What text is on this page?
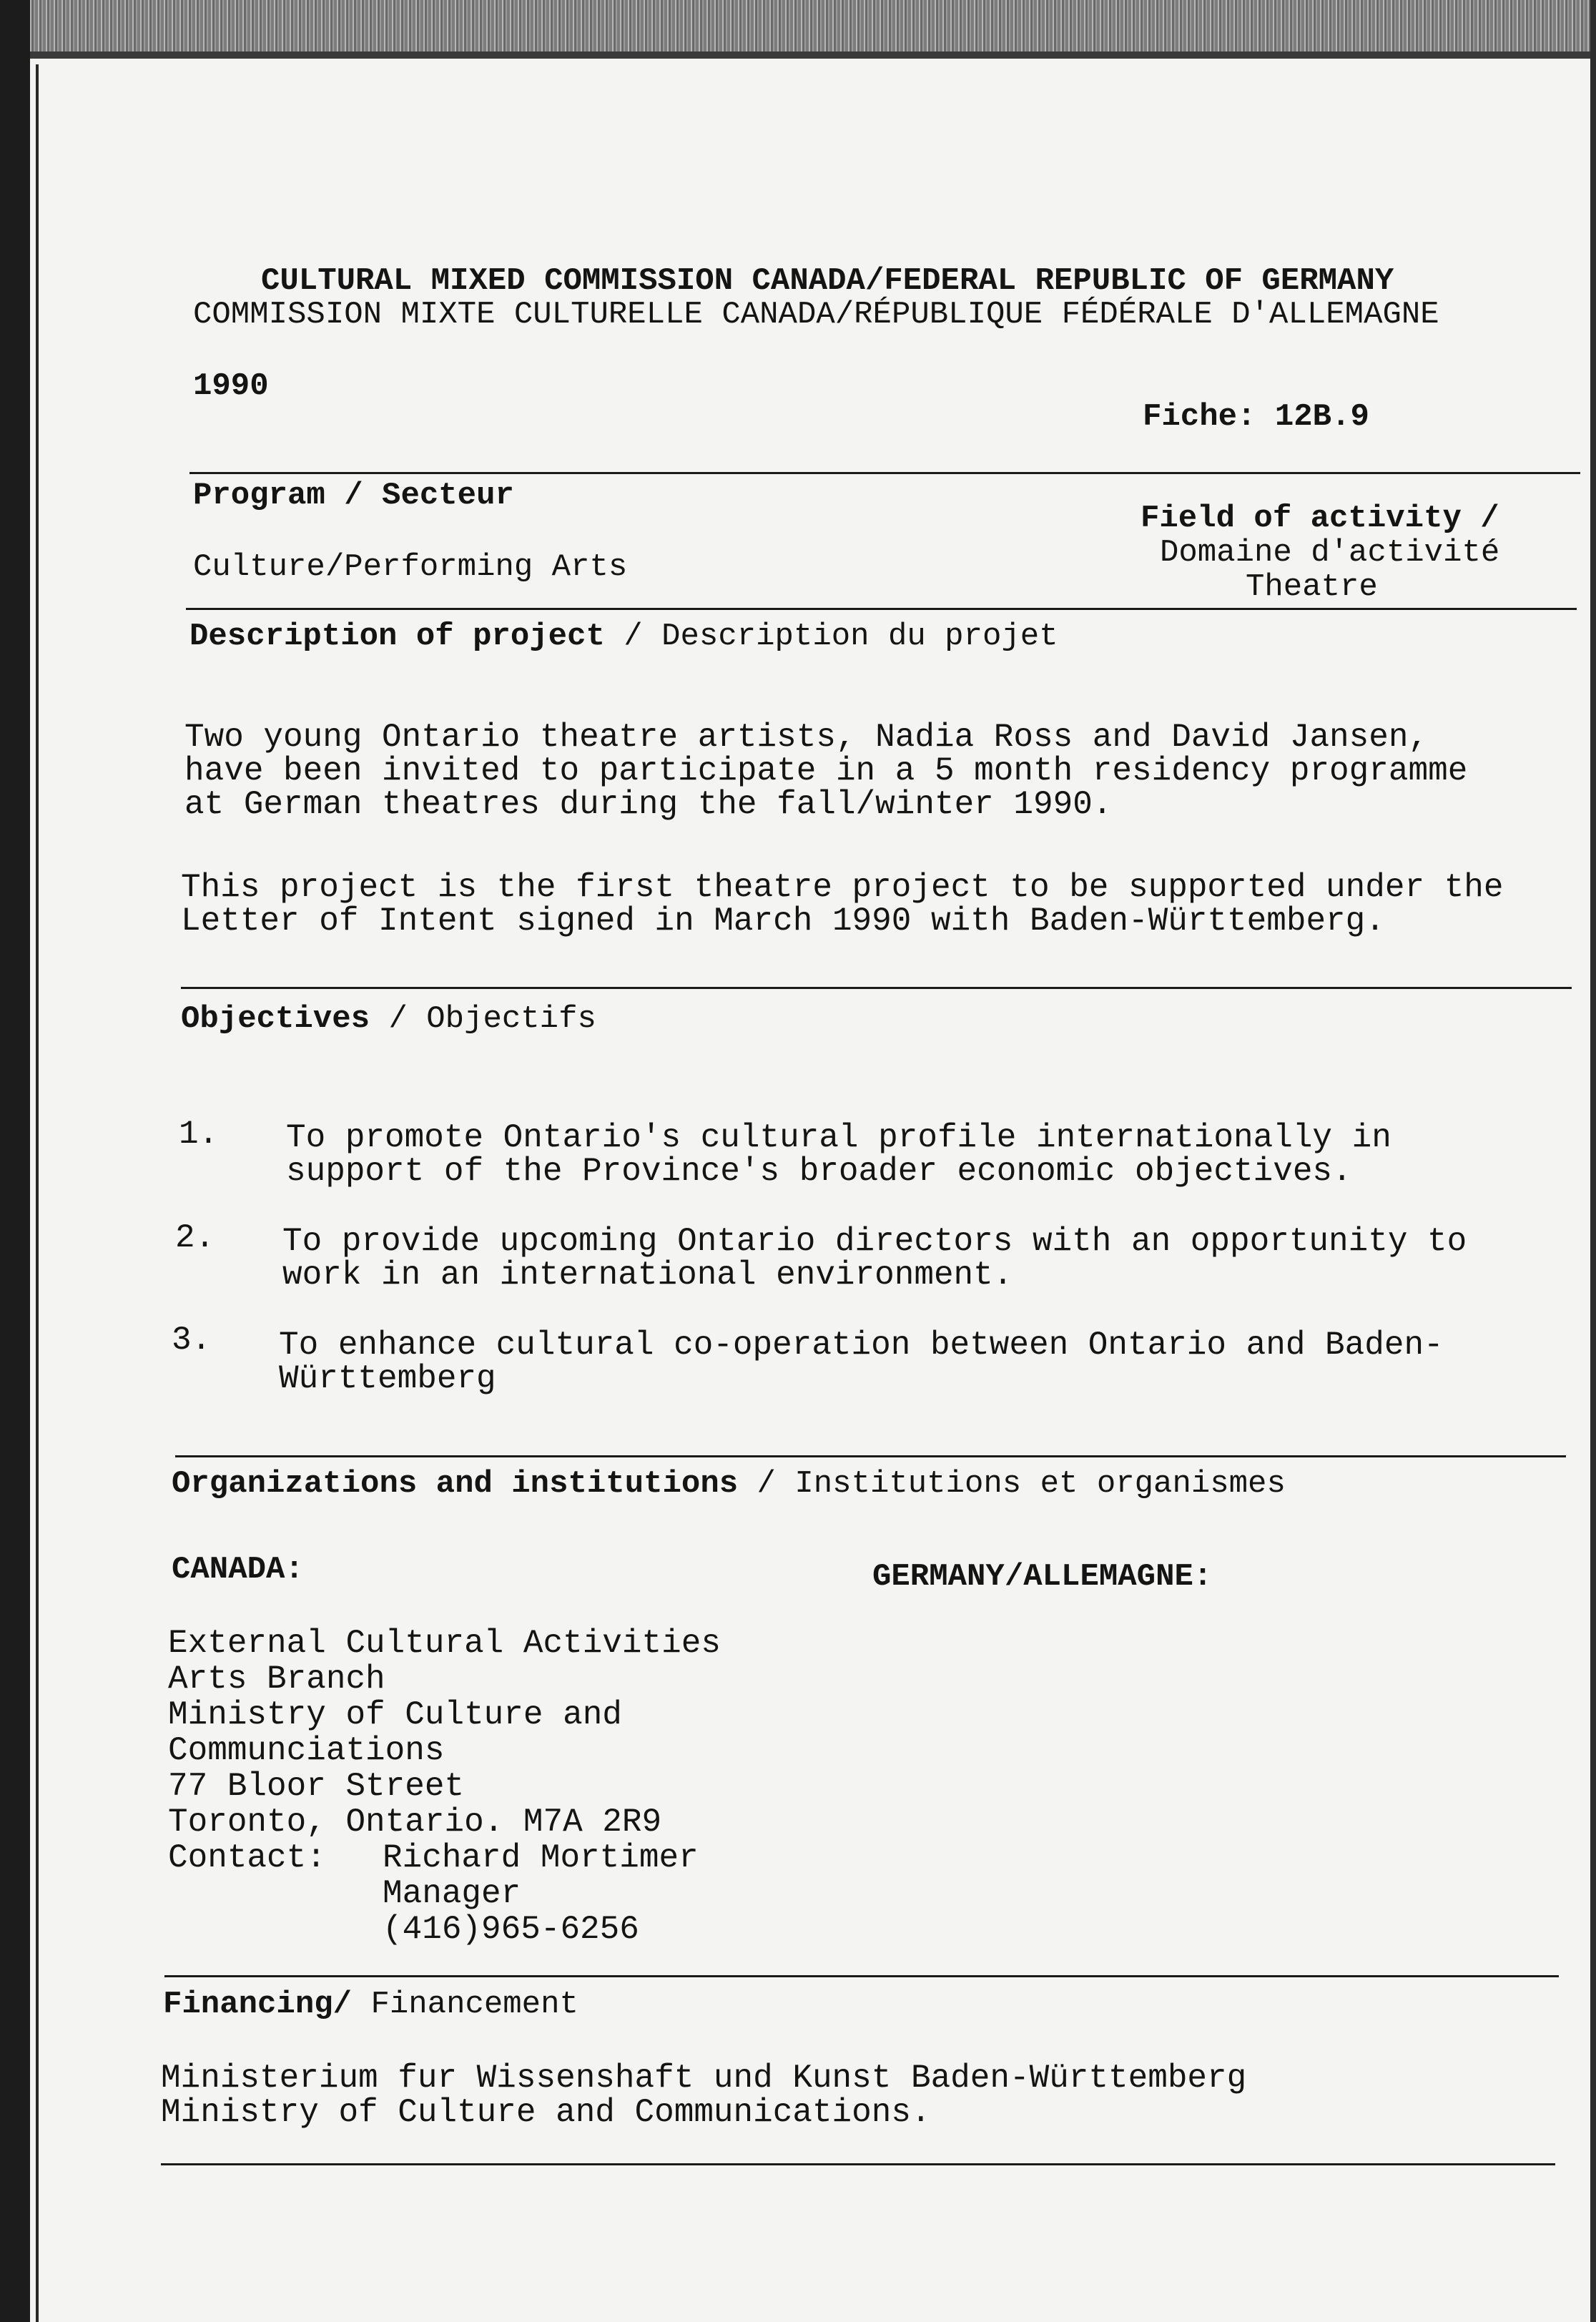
CULTURAL MIXED COMMISSION CANADA/FEDERAL REPUBLIC OF GERMANY
COMMISSION MIXTE CULTURELLE CANADA/RÉPUBLIQUE FÉDÉRALE D'ALLEMAGNE
1990
Fiche: 12B.9
Program / Secteur
Culture/Performing Arts
Field of activity /
Domaine d'activité
Theatre
Description of project / Description du projet
Two young Ontario theatre artists, Nadia Ross and David Jansen,
have been invited to participate in a 5 month residency programme
at German theatres during the fall/winter 1990.
This project is the first theatre project to be supported under the
Letter of Intent signed in March 1990 with Baden-Württemberg.
Objectives / Objectifs
1. To promote Ontario's cultural profile internationally in
support of the Province's broader economic objectives.
2. To provide upcoming Ontario directors with an opportunity to
work in an international environment.
3. To enhance cultural co-operation between Ontario and Baden-
Württemberg
Organizations and institutions / Institutions et organismes
CANADA:	GERMANY/ALLEMAGNE:
External Cultural Activities
Arts Branch
Ministry of Culture and
Communciations
77 Bloor Street
Toronto, Ontario. M7A 2R9
Contact: Richard Mortimer
Manager
(416)965-6256
Financing/ Financement
Ministerium fur Wissenshaft und Kunst Baden-Württemberg
Ministry of Culture and Communications.
